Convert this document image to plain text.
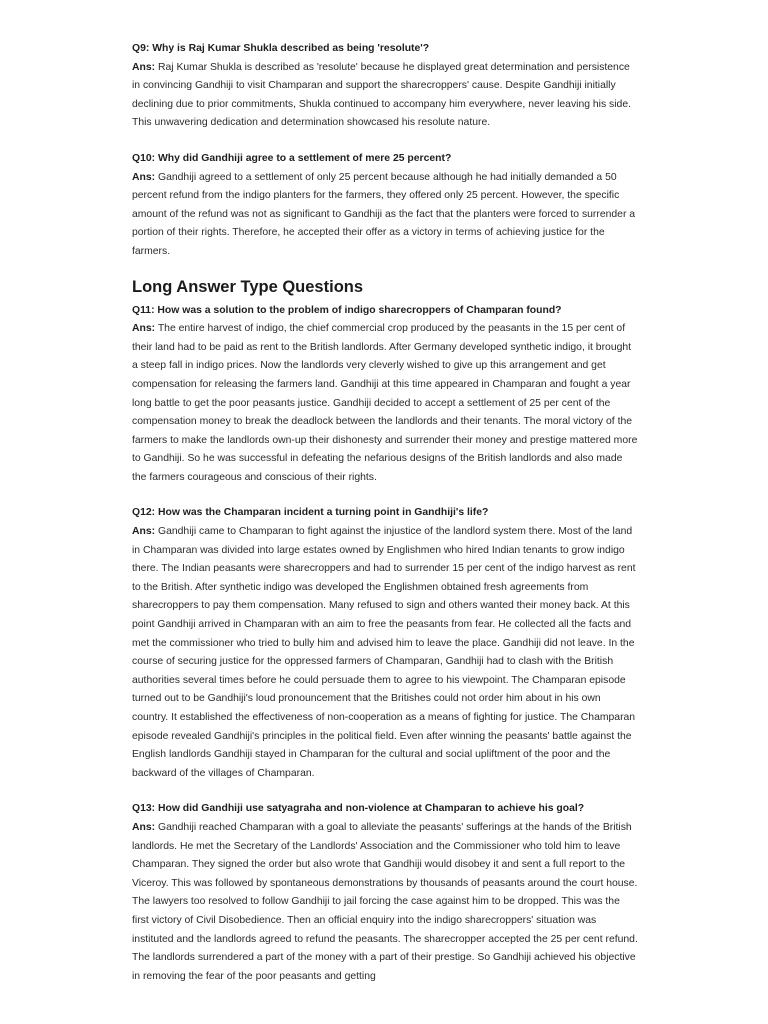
Q9: Why is Raj Kumar Shukla described as being 'resolute'?

Ans: Raj Kumar Shukla is described as 'resolute' because he displayed great determination and persistence in convincing Gandhiji to visit Champaran and support the sharecroppers' cause. Despite Gandhiji initially declining due to prior commitments, Shukla continued to accompany him everywhere, never leaving his side. This unwavering dedication and determination showcased his resolute nature.

Q10: Why did Gandhiji agree to a settlement of mere 25 percent?

Ans: Gandhiji agreed to a settlement of only 25 percent because although he had initially demanded a 50 percent refund from the indigo planters for the farmers, they offered only 25 percent. However, the specific amount of the refund was not as significant to Gandhiji as the fact that the planters were forced to surrender a portion of their rights. Therefore, he accepted their offer as a victory in terms of achieving justice for the farmers.

Long Answer Type Questions

Q11: How was a solution to the problem of indigo sharecroppers of Champaran found?

Ans: The entire harvest of indigo, the chief commercial crop produced by the peasants in the 15 per cent of their land had to be paid as rent to the British landlords. After Germany developed synthetic indigo, it brought a steep fall in indigo prices. Now the landlords very cleverly wished to give up this arrangement and get compensation for releasing the farmers land. Gandhiji at this time appeared in Champaran and fought a year long battle to get the poor peasants justice. Gandhiji decided to accept a settlement of 25 per cent of the compensation money to break the deadlock between the landlords and their tenants. The moral victory of the farmers to make the landlords own-up their dishonesty and surrender their money and prestige mattered more to Gandhiji. So he was successful in defeating the nefarious designs of the British landlords and also made the farmers courageous and conscious of their rights.

Q12: How was the Champaran incident a turning point in Gandhiji's life?

Ans: Gandhiji came to Champaran to fight against the injustice of the landlord system there. Most of the land in Champaran was divided into large estates owned by Englishmen who hired Indian tenants to grow indigo there. The Indian peasants were sharecroppers and had to surrender 15 per cent of the indigo harvest as rent to the British. After synthetic indigo was developed the Englishmen obtained fresh agreements from sharecroppers to pay them compensation. Many refused to sign and others wanted their money back. At this point Gandhiji arrived in Champaran with an aim to free the peasants from fear. He collected all the facts and met the commissioner who tried to bully him and advised him to leave the place. Gandhiji did not leave. In the course of securing justice for the oppressed farmers of Champaran, Gandhiji had to clash with the British authorities several times before he could persuade them to agree to his viewpoint. The Champaran episode turned out to be Gandhiji's loud pronouncement that the Britishes could not order him about in his own country. It established the effectiveness of non-cooperation as a means of fighting for justice. The Champaran episode revealed Gandhiji's principles in the political field. Even after winning the peasants' battle against the English landlords Gandhiji stayed in Champaran for the cultural and social upliftment of the poor and the backward of the villages of Champaran.

Q13: How did Gandhiji use satyagraha and non-violence at Champaran to achieve his goal?

Ans: Gandhiji reached Champaran with a goal to alleviate the peasants' sufferings at the hands of the British landlords. He met the Secretary of the Landlords' Association and the Commissioner who told him to leave Champaran. They signed the order but also wrote that Gandhiji would disobey it and sent a full report to the Viceroy. This was followed by spontaneous demonstrations by thousands of peasants around the court house. The lawyers too resolved to follow Gandhiji to jail forcing the case against him to be dropped. This was the first victory of Civil Disobedience. Then an official enquiry into the indigo sharecroppers' situation was instituted and the landlords agreed to refund the peasants. The sharecropper accepted the 25 per cent refund. The landlords surrendered a part of the money with a part of their prestige. So Gandhiji achieved his objective in removing the fear of the poor peasants and getting
